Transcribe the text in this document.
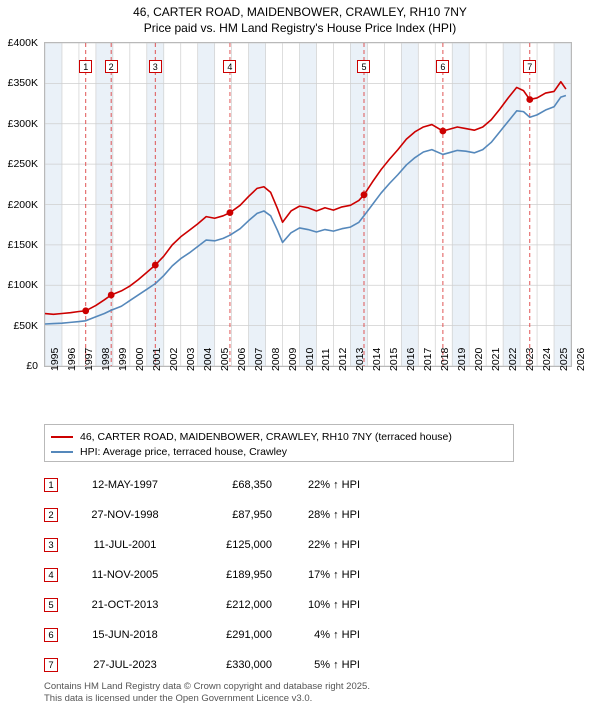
46, CARTER ROAD, MAIDENBOWER, CRAWLEY, RH10 7NY
Price paid vs. HM Land Registry's House Price Index (HPI)
1	2	3	4	5	6	7
46, CARTER ROAD, MAIDENBOWER, CRAWLEY, RH10 7NY (terraced house)
HPI: Average price, terraced house, Crawley
1	12-MAY-1997	£68,350	22% ↑ HPI
2	27-NOV-1998	£87,950	28% ↑ HPI
3	11-JUL-2001	£125,000	22% ↑ HPI
4	11-NOV-2005	£189,950	17% ↑ HPI
5	21-OCT-2013	£212,000	10% ↑ HPI
6	15-JUN-2018	£291,000	4% ↑ HPI
7	27-JUL-2023	£330,000	5% ↑ HPI
Contains HM Land Registry data © Crown copyright and database right 2025.
This data is licensed under the Open Government Licence v3.0.
£0
£50K
£100K
£150K
£200K
£250K
£300K
£350K
£400K
1995 1996 1997 1998 1999 2000 2001 2002 2003 2004 2005 2006 2007 2008 2009 2010 2011 2012 2013 2014 2015 2016 2017 2018 2019 2020 2021 2022 2023 2024 2025 2026
